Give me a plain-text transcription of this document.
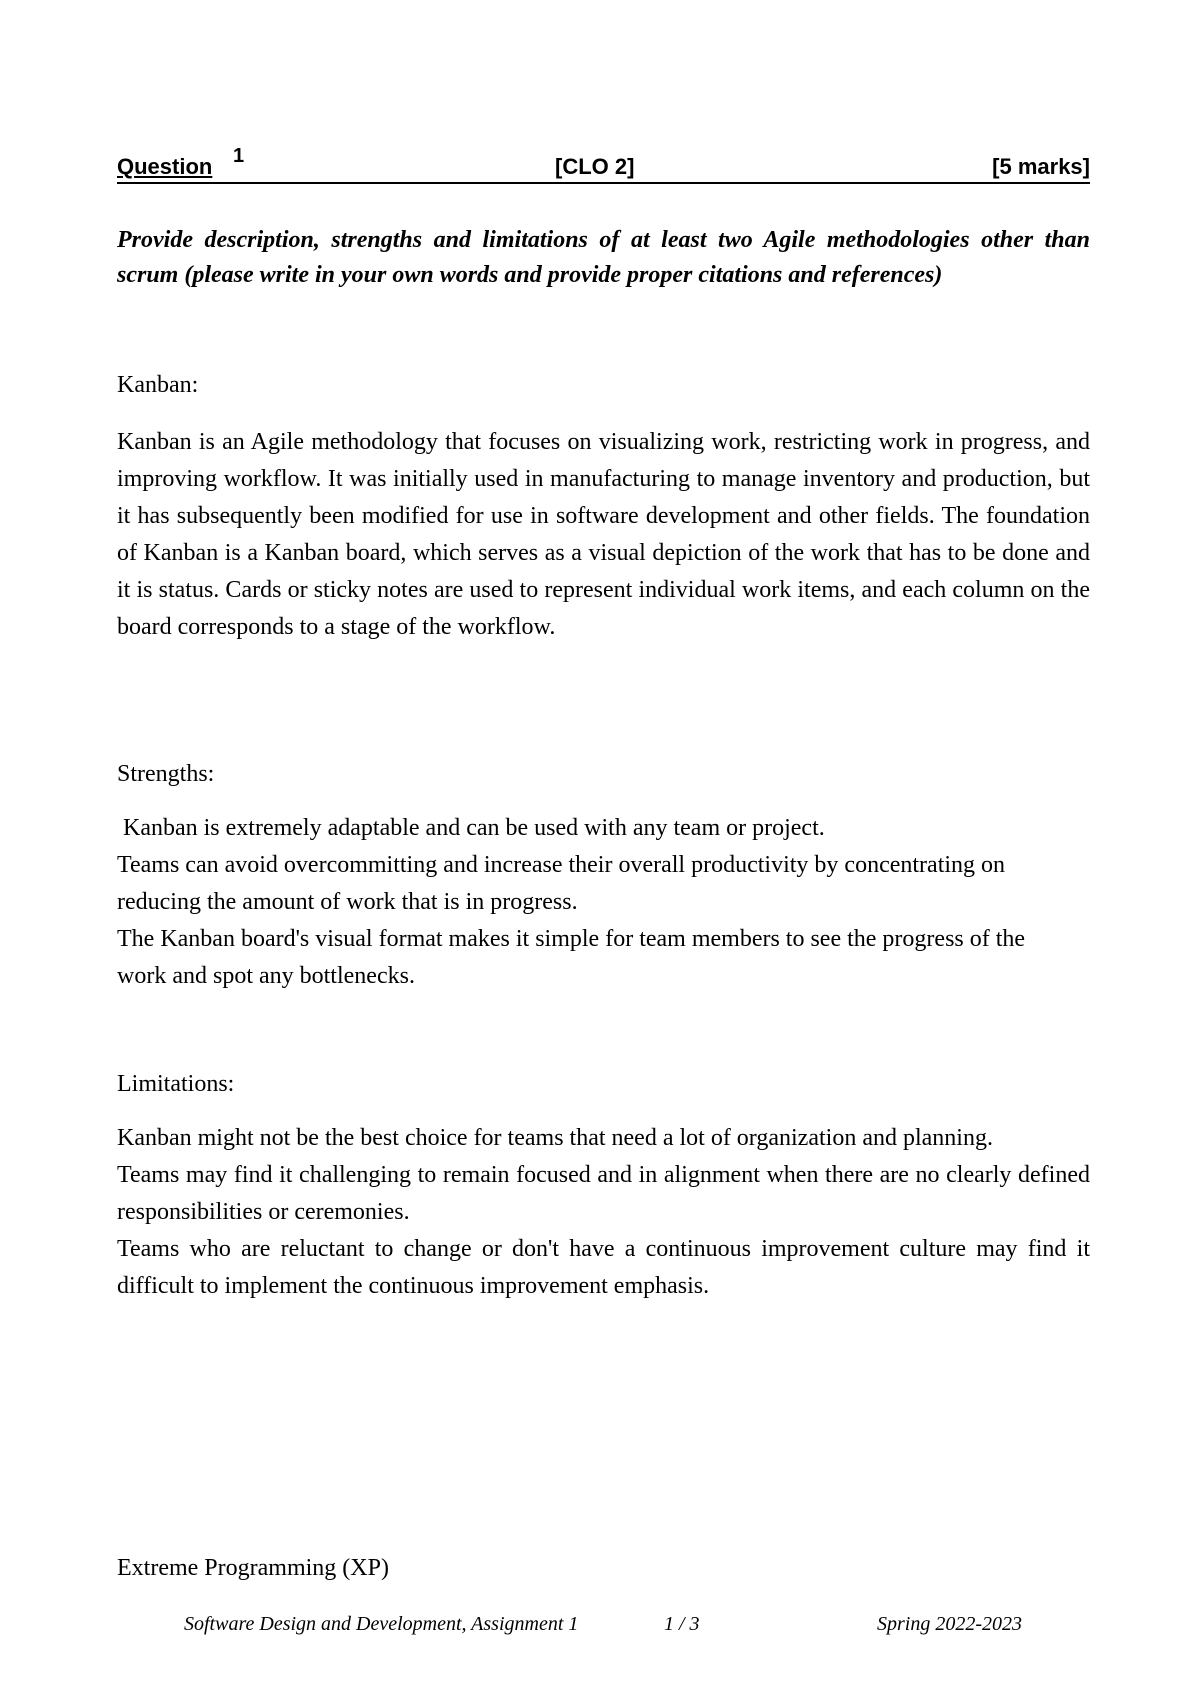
Question 1	[CLO 2]	[5 marks]
Provide description, strengths and limitations of at least two Agile methodologies other than scrum (please write in your own words and provide proper citations and references)

Kanban:

Kanban is an Agile methodology that focuses on visualizing work, restricting work in progress, and improving workflow. It was initially used in manufacturing to manage inventory and production, but it has subsequently been modified for use in software development and other fields. The foundation of Kanban is a Kanban board, which serves as a visual depiction of the work that has to be done and it is status. Cards or sticky notes are used to represent individual work items, and each column on the board corresponds to a stage of the workflow.

Strengths:

Kanban is extremely adaptable and can be used with any team or project.

Teams can avoid overcommitting and increase their overall productivity by concentrating on reducing the amount of work that is in progress.

The Kanban board's visual format makes it simple for team members to see the progress of the work and spot any bottlenecks.

Limitations:

Kanban might not be the best choice for teams that need a lot of organization and planning.

Teams may find it challenging to remain focused and in alignment when there are no clearly defined responsibilities or ceremonies.

Teams who are reluctant to change or don't have a continuous improvement culture may find it difficult to implement the continuous improvement emphasis.

Extreme Programming (XP)

Software Design and Development, Assignment 1	1 / 3	Spring 2022-2023
